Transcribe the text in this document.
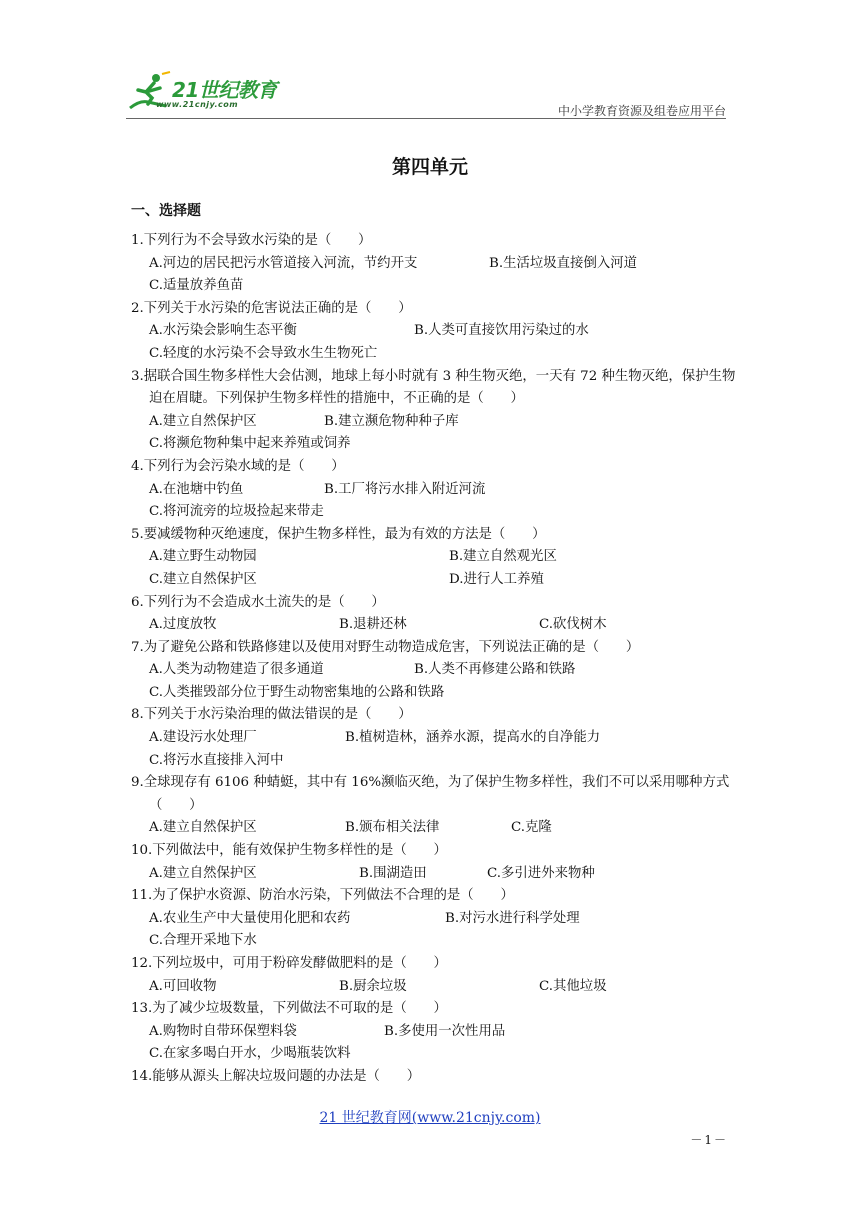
21世纪教育
www.21cnjy.com	中小学教育资源及组卷应用平台
第四单元
一、选择题
1.下列行为不会导致水污染的是（　　）
A.河边的居民把污水管道接入河流，节约开支	B.生活垃圾直接倒入河道
C.适量放养鱼苗
2.下列关于水污染的危害说法正确的是（　　）
A.水污染会影响生态平衡	B.人类可直接饮用污染过的水
C.轻度的水污染不会导致水生生物死亡
3.据联合国生物多样性大会估测，地球上每小时就有 3 种生物灭绝，一天有 72 种生物灭绝，保护生物迫在眉睫。下列保护生物多样性的措施中，不正确的是（　　）
A.建立自然保护区	B.建立濒危物种种子库
C.将濒危物种集中起来养殖或饲养
4.下列行为会污染水域的是（　　）
A.在池塘中钓鱼	B.工厂将污水排入附近河流
C.将河流旁的垃圾捡起来带走
5.要减缓物种灭绝速度，保护生物多样性，最为有效的方法是（　　）
A.建立野生动物园	B.建立自然观光区
C.建立自然保护区	D.进行人工养殖
6.下列行为不会造成水土流失的是（　　）
A.过度放牧	B.退耕还林	C.砍伐树木
7.为了避免公路和铁路修建以及使用对野生动物造成危害，下列说法正确的是（　　）
A.人类为动物建造了很多通道	B.人类不再修建公路和铁路
C.人类摧毁部分位于野生动物密集地的公路和铁路
8.下列关于水污染治理的做法错误的是（　　）
A.建设污水处理厂	B.植树造林，涵养水源，提高水的自净能力
C.将污水直接排入河中
9.全球现存有 6106 种蜻蜓，其中有 16%濒临灭绝，为了保护生物多样性，我们不可以采用哪种方式（　　）
A.建立自然保护区	B.颁布相关法律	C.克隆
10.下列做法中，能有效保护生物多样性的是（　　）
A.建立自然保护区	B.围湖造田	C.多引进外来物种
11.为了保护水资源、防治水污染，下列做法不合理的是（　　）
A.农业生产中大量使用化肥和农药	B.对污水进行科学处理
C.合理开采地下水
12.下列垃圾中，可用于粉碎发酵做肥料的是（　　）
A.可回收物	B.厨余垃圾	C.其他垃圾
13.为了减少垃圾数量，下列做法不可取的是（　　）
A.购物时自带环保塑料袋	B.多使用一次性用品
C.在家多喝白开水，少喝瓶装饮料
14.能够从源头上解决垃圾问题的办法是（　　）
21 世纪教育网(www.21cnjy.com)
－1－
